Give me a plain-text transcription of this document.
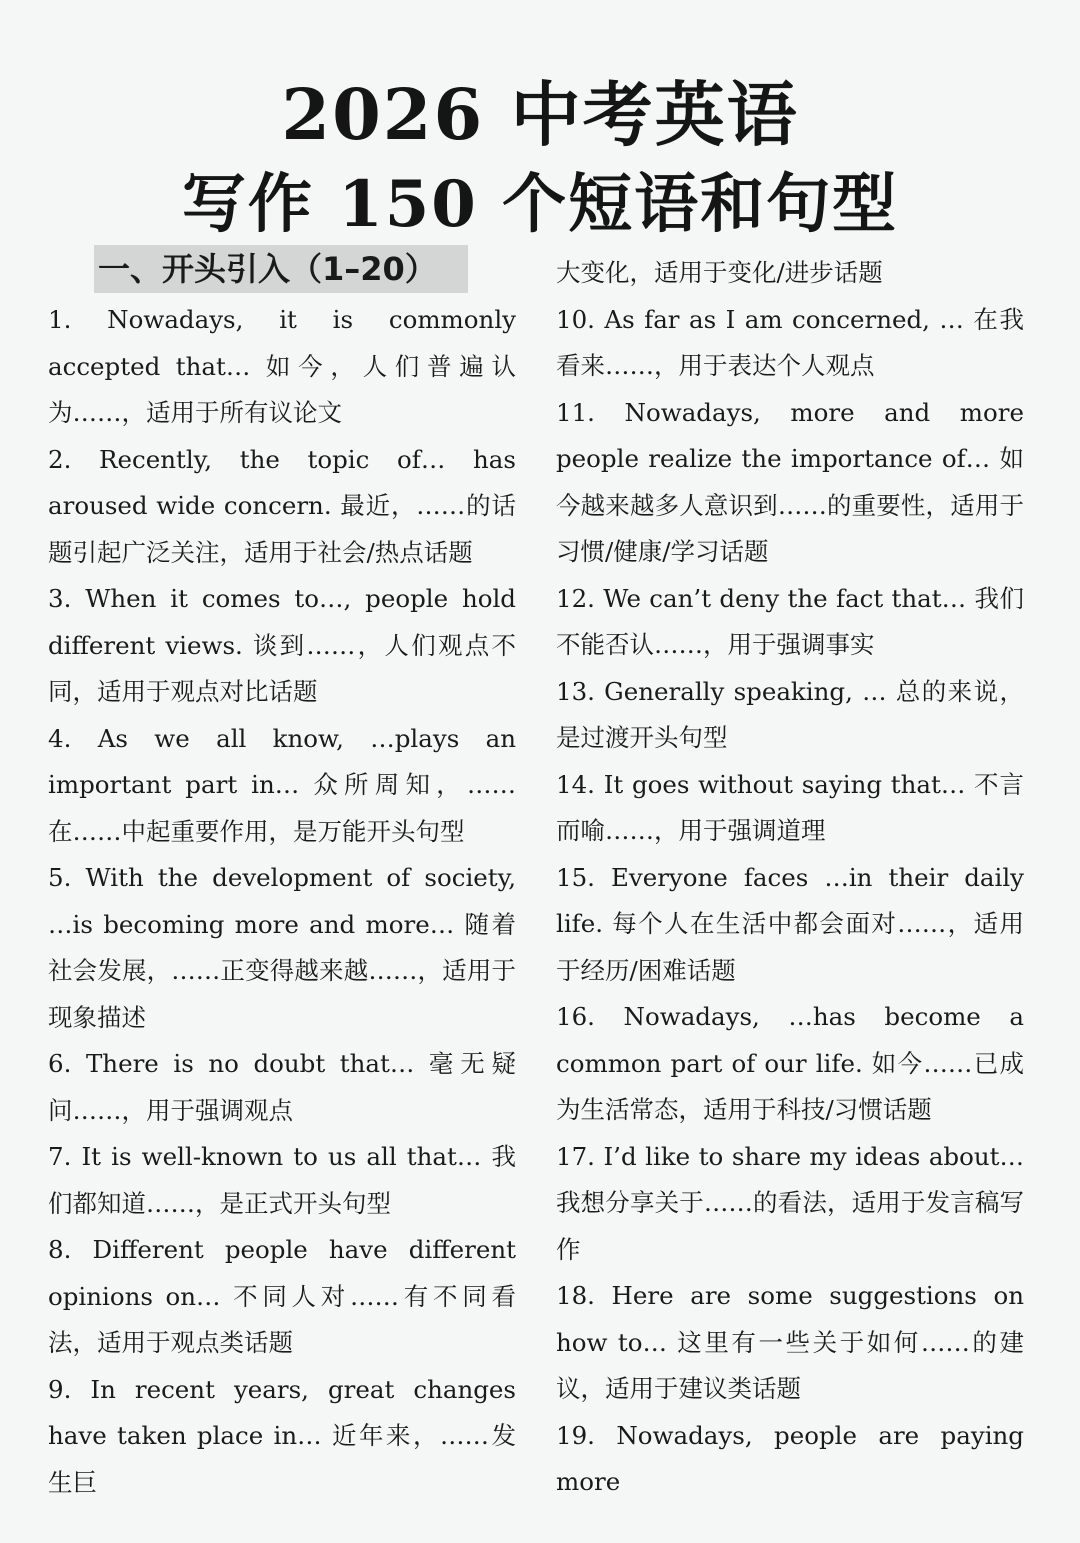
2026 中考英语
写作 150 个短语和句型
一、开头引入（1–20）

1. Nowadays, it is commonly accepted that… 如今，人们普遍认为……，适用于所有议论文

2. Recently, the topic of… has aroused wide concern. 最近，……的话题引起广泛关注，适用于社会/热点话题

3. When it comes to…, people hold different views. 谈到……，人们观点不同，适用于观点对比话题

4. As we all know, …plays an important part in… 众所周知，……在……中起重要作用，是万能开头句型

5. With the development of society, …is becoming more and more… 随着社会发展，……正变得越来越……，适用于现象描述

6. There is no doubt that… 毫无疑问……，用于强调观点

7. It is well-known to us all that… 我们都知道……，是正式开头句型

8. Different people have different opinions on… 不同人对……有不同看法，适用于观点类话题

9. In recent years, great changes have taken place in… 近年来，……发生巨

大变化，适用于变化/进步话题

10. As far as I am concerned, … 在我看来……，用于表达个人观点

11. Nowadays, more and more people realize the importance of… 如今越来越多人意识到……的重要性，适用于习惯/健康/学习话题

12. We can’t deny the fact that… 我们不能否认……，用于强调事实

13. Generally speaking, … 总的来说，是过渡开头句型

14. It goes without saying that… 不言而喻……，用于强调道理

15. Everyone faces …in their daily life. 每个人在生活中都会面对……，适用于经历/困难话题

16. Nowadays, …has become a common part of our life. 如今……已成为生活常态，适用于科技/习惯话题

17. I’d like to share my ideas about… 我想分享关于……的看法，适用于发言稿写作

18. Here are some suggestions on how to… 这里有一些关于如何……的建议，适用于建议类话题

19. Nowadays, people are paying more
